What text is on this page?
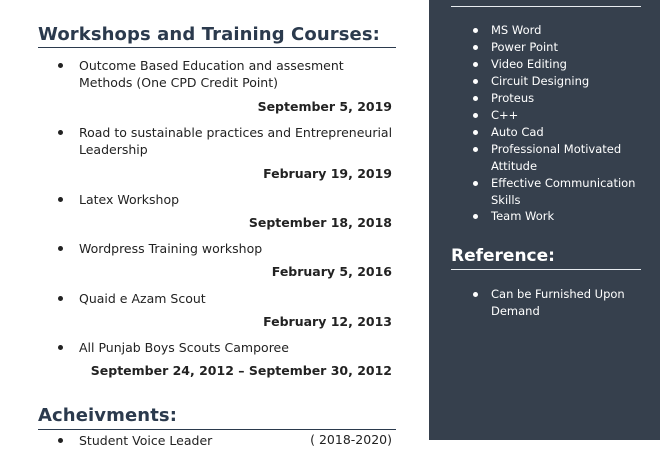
Workshops and Training Courses:
Outcome Based Education and assesment Methods (One CPD Credit Point)
September 5, 2019
Road to sustainable practices and Entrepreneurial Leadership
February 19, 2019
Latex Workshop
September 18, 2018
Wordpress Training workshop
February 5, 2016
Quaid e Azam Scout
February 12, 2013
All Punjab Boys Scouts Camporee
September 24, 2012 – September 30, 2012
Acheivments:
Student Voice Leader	( 2018-2020)
MS Word
Power Point
Video Editing
Circuit Designing
Proteus
C++
Auto Cad
Professional Motivated Attitude
Effective Communication Skills
Team Work
Reference:
Can be Furnished Upon Demand
